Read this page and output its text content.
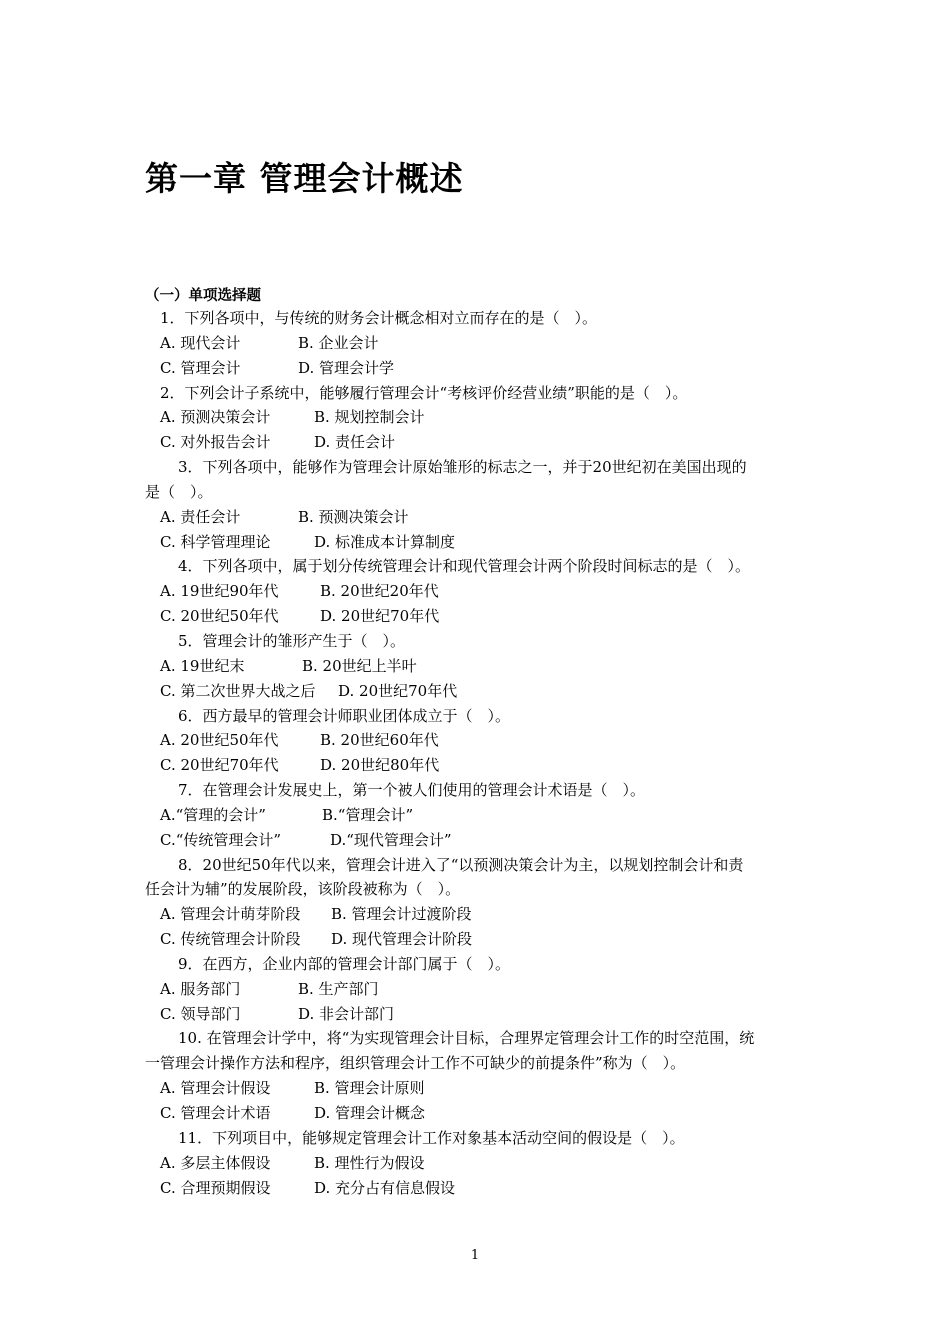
第一章 管理会计概述
（一）单项选择题
1．下列各项中，与传统的财务会计概念相对立而存在的是（　）。
A. 现代会计	B. 企业会计
C. 管理会计	D. 管理会计学
2．下列会计子系统中，能够履行管理会计“考核评价经营业绩”职能的是（　）。
A. 预测决策会计	B. 规划控制会计
C. 对外报告会计	D. 责任会计
3．下列各项中，能够作为管理会计原始雏形的标志之一，并于20世纪初在美国出现的
是（　）。
A. 责任会计	B. 预测决策会计
C. 科学管理理论	D. 标准成本计算制度
4．下列各项中，属于划分传统管理会计和现代管理会计两个阶段时间标志的是（　）。
A. 19世纪90年代	B. 20世纪20年代
C. 20世纪50年代	D. 20世纪70年代
5．管理会计的雏形产生于（　）。
A. 19世纪末	B. 20世纪上半叶
C. 第二次世界大战之后 D. 20世纪70年代
6．西方最早的管理会计师职业团体成立于（　）。
A. 20世纪50年代	B. 20世纪60年代
C. 20世纪70年代	D. 20世纪80年代
7．在管理会计发展史上，第一个被人们使用的管理会计术语是（　）。
A.“管理的会计”	B.“管理会计”
C.“传统管理会计”	D.“现代管理会计”
8．20世纪50年代以来，管理会计进入了“以预测决策会计为主，以规划控制会计和责
任会计为辅”的发展阶段，该阶段被称为（　）。
A. 管理会计萌芽阶段 B. 管理会计过渡阶段
C. 传统管理会计阶段 D. 现代管理会计阶段
9．在西方，企业内部的管理会计部门属于（　）。
A. 服务部门	B. 生产部门
C. 领导部门	D. 非会计部门
10. 在管理会计学中，将“为实现管理会计目标，合理界定管理会计工作的时空范围，统
一管理会计操作方法和程序，组织管理会计工作不可缺少的前提条件”称为（　）。
A. 管理会计假设	B. 管理会计原则
C. 管理会计术语	D. 管理会计概念
11．下列项目中，能够规定管理会计工作对象基本活动空间的假设是（　）。
A. 多层主体假设	B. 理性行为假设
C. 合理预期假设	D. 充分占有信息假设
1
